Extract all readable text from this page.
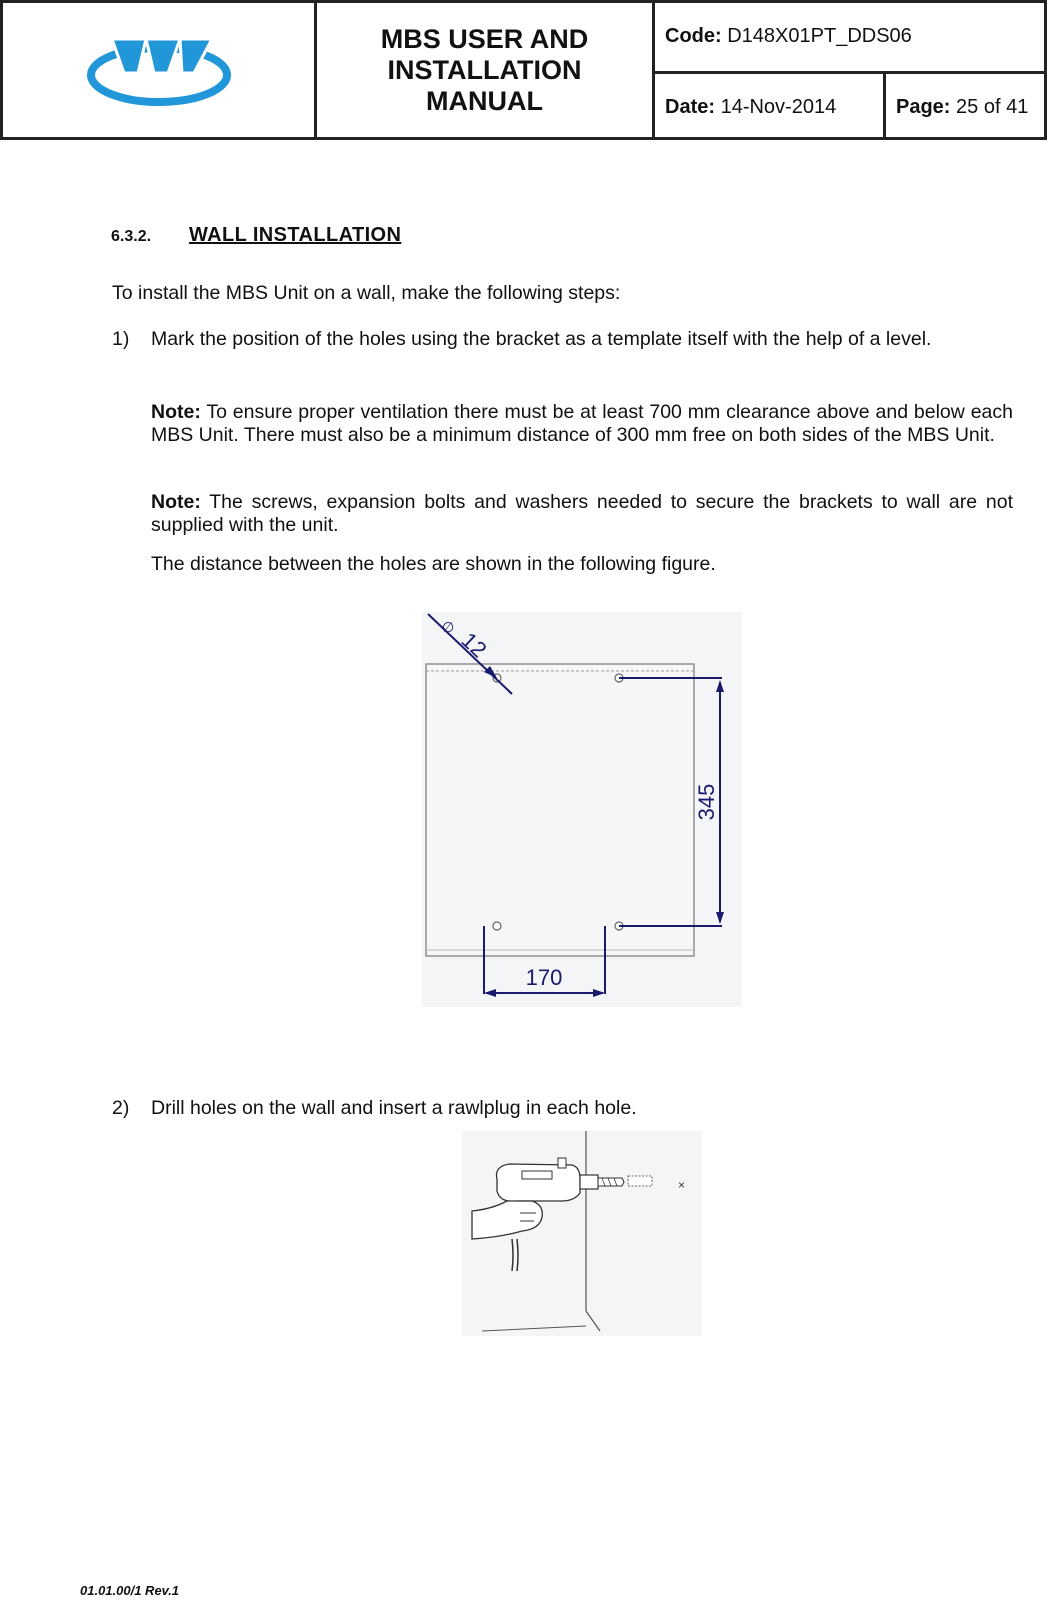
MBS USER AND
INSTALLATION
MANUAL
Code: D148X01PT_DDS06
Date: 14-Nov-2014	Page: 25 of 41
6.3.2. WALL INSTALLATION
To install the MBS Unit on a wall, make the following steps:
1) Mark the position of the holes using the bracket as a template itself with the help of a level.
Note: To ensure proper ventilation there must be at least 700 mm clearance above and below each MBS Unit. There must also be a minimum distance of 300 mm free on both sides of the MBS Unit.
Note: The screws, expansion bolts and washers needed to secure the brackets to wall are not supplied with the unit.
The distance between the holes are shown in the following figure.
∅
12
345
170
2) Drill holes on the wall and insert a rawlplug in each hole.
×
01.01.00/1 Rev.1
